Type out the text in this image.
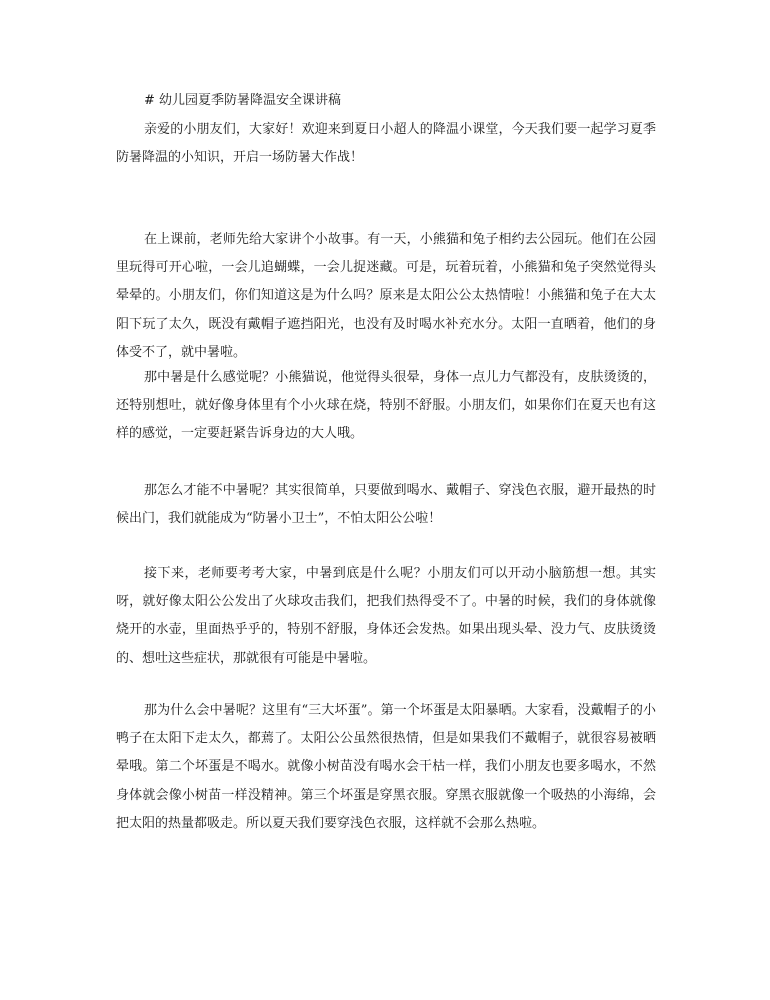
# 幼儿园夏季防暑降温安全课讲稿

亲爱的小朋友们，大家好！欢迎来到夏日小超人的降温小课堂，今天我们要一起学习夏季防暑降温的小知识，开启一场防暑大作战！

在上课前，老师先给大家讲个小故事。有一天，小熊猫和兔子相约去公园玩。他们在公园里玩得可开心啦，一会儿追蝴蝶，一会儿捉迷藏。可是，玩着玩着，小熊猫和兔子突然觉得头晕晕的。小朋友们，你们知道这是为什么吗？原来是太阳公公太热情啦！小熊猫和兔子在大太阳下玩了太久，既没有戴帽子遮挡阳光，也没有及时喝水补充水分。太阳一直晒着，他们的身体受不了，就中暑啦。

那中暑是什么感觉呢？小熊猫说，他觉得头很晕，身体一点儿力气都没有，皮肤烫烫的，还特别想吐，就好像身体里有个小火球在烧，特别不舒服。小朋友们，如果你们在夏天也有这样的感觉，一定要赶紧告诉身边的大人哦。

那怎么才能不中暑呢？其实很简单，只要做到喝水、戴帽子、穿浅色衣服，避开最热的时候出门，我们就能成为“防暑小卫士”，不怕太阳公公啦！

接下来，老师要考考大家，中暑到底是什么呢？小朋友们可以开动小脑筋想一想。其实呀，就好像太阳公公发出了火球攻击我们，把我们热得受不了。中暑的时候，我们的身体就像烧开的水壶，里面热乎乎的，特别不舒服，身体还会发热。如果出现头晕、没力气、皮肤烫烫的、想吐这些症状，那就很有可能是中暑啦。

那为什么会中暑呢？这里有“三大坏蛋”。第一个坏蛋是太阳暴晒。大家看，没戴帽子的小鸭子在太阳下走太久，都蔫了。太阳公公虽然很热情，但是如果我们不戴帽子，就很容易被晒晕哦。第二个坏蛋是不喝水。就像小树苗没有喝水会干枯一样，我们小朋友也要多喝水，不然身体就会像小树苗一样没精神。第三个坏蛋是穿黑衣服。穿黑衣服就像一个吸热的小海绵，会把太阳的热量都吸走。所以夏天我们要穿浅色衣服，这样就不会那么热啦。
